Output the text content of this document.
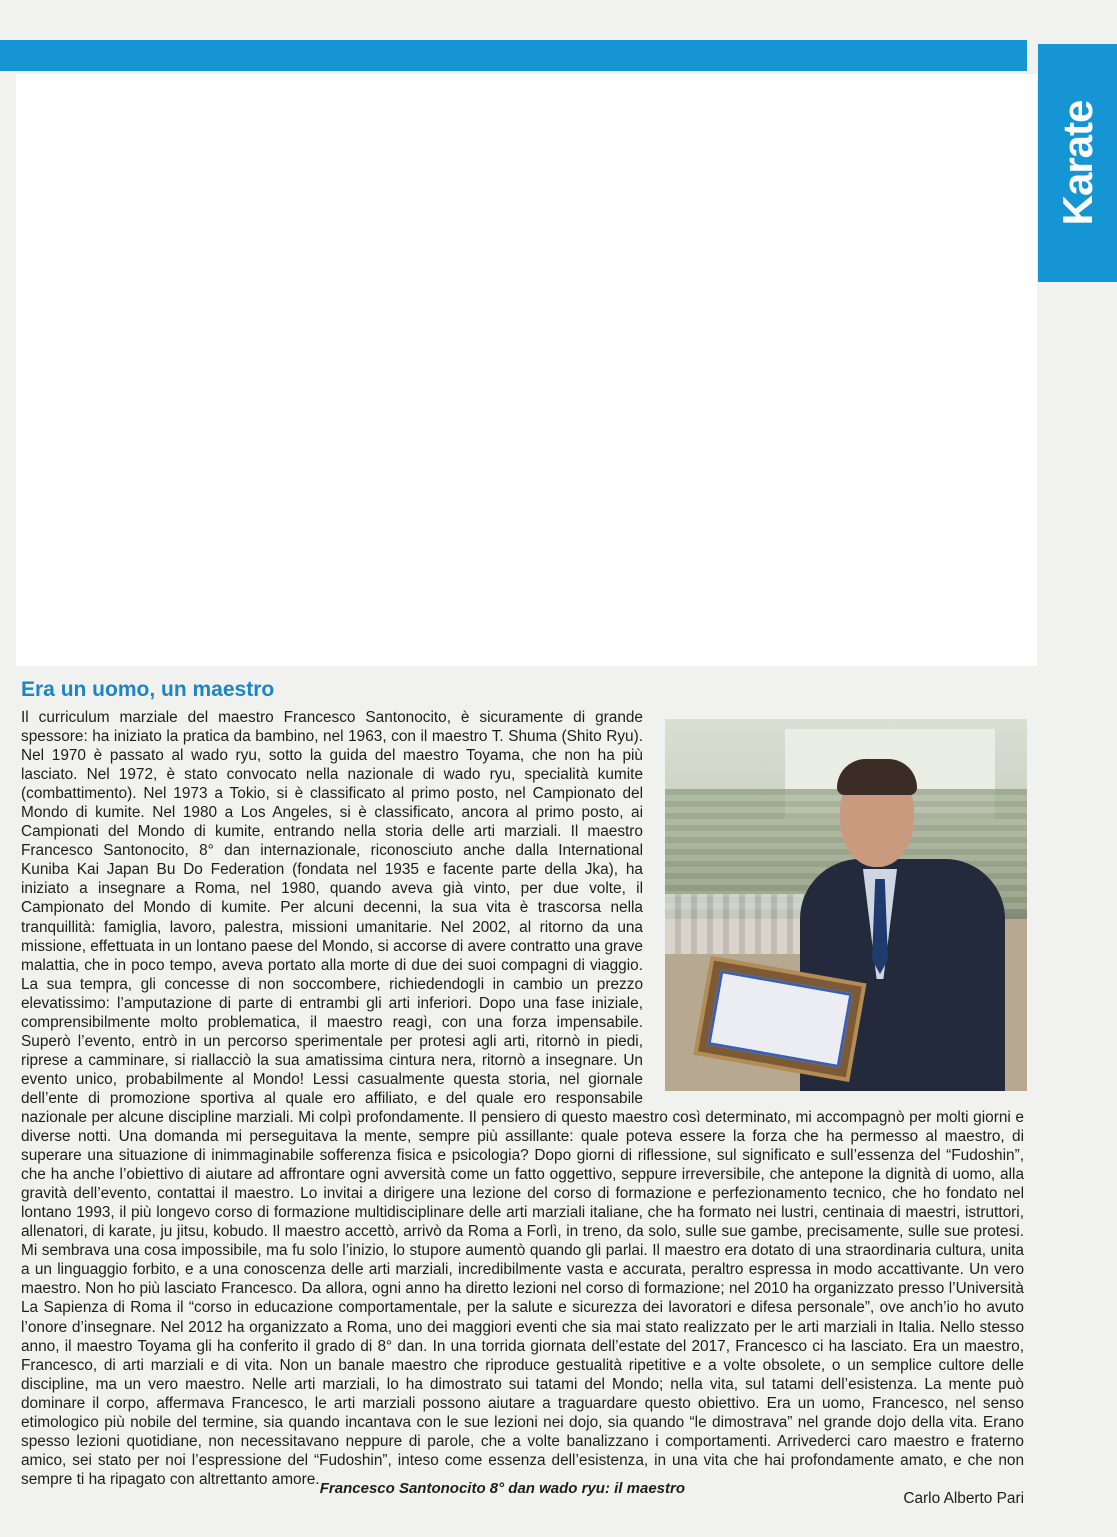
Karate
Era un uomo, un maestro
Il curriculum marziale del maestro Francesco Santonocito, è sicuramente di grande spessore: ha iniziato la pratica da bambino, nel 1963, con il maestro T. Shuma (Shito Ryu). Nel 1970 è passato al wado ryu, sotto la guida del maestro Toyama, che non ha più lasciato. Nel 1972, è stato convocato nella nazionale di wado ryu, specialità kumite (combattimento). Nel 1973 a Tokio, si è classificato al primo posto, nel Campionato del Mondo di kumite. Nel 1980 a Los Angeles, si è classificato, ancora al primo posto, ai Campionati del Mondo di kumite, entrando nella storia delle arti marziali. Il maestro Francesco Santonocito, 8° dan internazionale, riconosciuto anche dalla International Kuniba Kai Japan Bu Do Federation (fondata nel 1935 e facente parte della Jka), ha iniziato a insegnare a Roma, nel 1980, quando aveva già vinto, per due volte, il Campionato del Mondo di kumite. Per alcuni decenni, la sua vita è trascorsa nella tranquillità: famiglia, lavoro, palestra, missioni umanitarie. Nel 2002, al ritorno da una missione, effettuata in un lontano paese del Mondo, si accorse di avere contratto una grave malattia, che in poco tempo, aveva portato alla morte di due dei suoi compagni di viaggio. La sua tempra, gli concesse di non soccombere, richiedendogli in cambio un prezzo elevatissimo: l’amputazione di parte di entrambi gli arti inferiori. Dopo una fase iniziale, comprensibilmente molto problematica, il maestro reagì, con una forza impensabile. Superò l’evento, entrò in un percorso sperimentale per protesi agli arti, ritornò in piedi, riprese a camminare, si riallacciò la sua amatissima cintura nera, ritornò a insegnare. Un evento unico, probabilmente al Mondo! Lessi casualmente questa storia, nel giornale dell’ente di promozione sportiva al quale ero affiliato, e del quale ero responsabile nazionale per alcune discipline marziali. Mi colpì profondamente. Il pensiero di questo maestro così determinato, mi accompagnò per molti giorni e diverse notti. Una domanda mi perseguitava la mente, sempre più assillante: quale poteva essere la forza che ha permesso al maestro, di superare una situazione di inimmaginabile sofferenza fisica e psicologia? Dopo giorni di riflessione, sul significato e sull’essenza del “Fudoshin”, che ha anche l’obiettivo di aiutare ad affrontare ogni avversità come un fatto oggettivo, seppure irreversibile, che antepone la dignità di uomo, alla gravità dell’evento, contattai il maestro. Lo invitai a dirigere una lezione del corso di formazione e perfezionamento tecnico, che ho fondato nel lontano 1993, il più longevo corso di formazione multidisciplinare delle arti marziali italiane, che ha formato nei lustri, centinaia di maestri, istruttori, allenatori, di karate, ju jitsu, kobudo. Il maestro accettò, arrivò da Roma a Forlì, in treno, da solo, sulle sue gambe, precisamente, sulle sue protesi. Mi sembrava una cosa impossibile, ma fu solo l’inizio, lo stupore aumentò quando gli parlai. Il maestro era dotato di una straordinaria cultura, unita a un linguaggio forbito, e a una conoscenza delle arti marziali, incredibilmente vasta e accurata, peraltro espressa in modo accattivante. Un vero maestro. Non ho più lasciato Francesco. Da allora, ogni anno ha diretto lezioni nel corso di formazione; nel 2010 ha organizzato presso l’Università La Sapienza di Roma il “corso in educazione comportamentale, per la salute e sicurezza dei lavoratori e difesa personale”, ove anch’io ho avuto l’onore d’insegnare. Nel 2012 ha organizzato a Roma, uno dei maggiori eventi che sia mai stato realizzato per le arti marziali in Italia. Nello stesso anno, il maestro Toyama gli ha conferito il grado di 8° dan. In una torrida giornata dell’estate del 2017, Francesco ci ha lasciato. Era un maestro, Francesco, di arti marziali e di vita. Non un banale maestro che riproduce gestualità ripetitive e a volte obsolete, o un semplice cultore delle discipline, ma un vero maestro. Nelle arti marziali, lo ha dimostrato sui tatami del Mondo; nella vita, sul tatami dell’esistenza. La mente può dominare il corpo, affermava Francesco, le arti marziali possono aiutare a traguardare questo obiettivo. Era un uomo, Francesco, nel senso etimologico più nobile del termine, sia quando incantava con le sue lezioni nei dojo, sia quando “le dimostrava” nel grande dojo della vita. Erano spesso lezioni quotidiane, non necessitavano neppure di parole, che a volte banalizzano i comportamenti. Arrivederci caro maestro e fraterno amico, sei stato per noi l’espressione del “Fudoshin”, inteso come essenza dell’esistenza, in una vita che hai profondamente amato, e che non sempre ti ha ripagato con altrettanto amore.
Carlo Alberto Pari

Francesco Santonocito 8° dan wado ryu: il maestro
